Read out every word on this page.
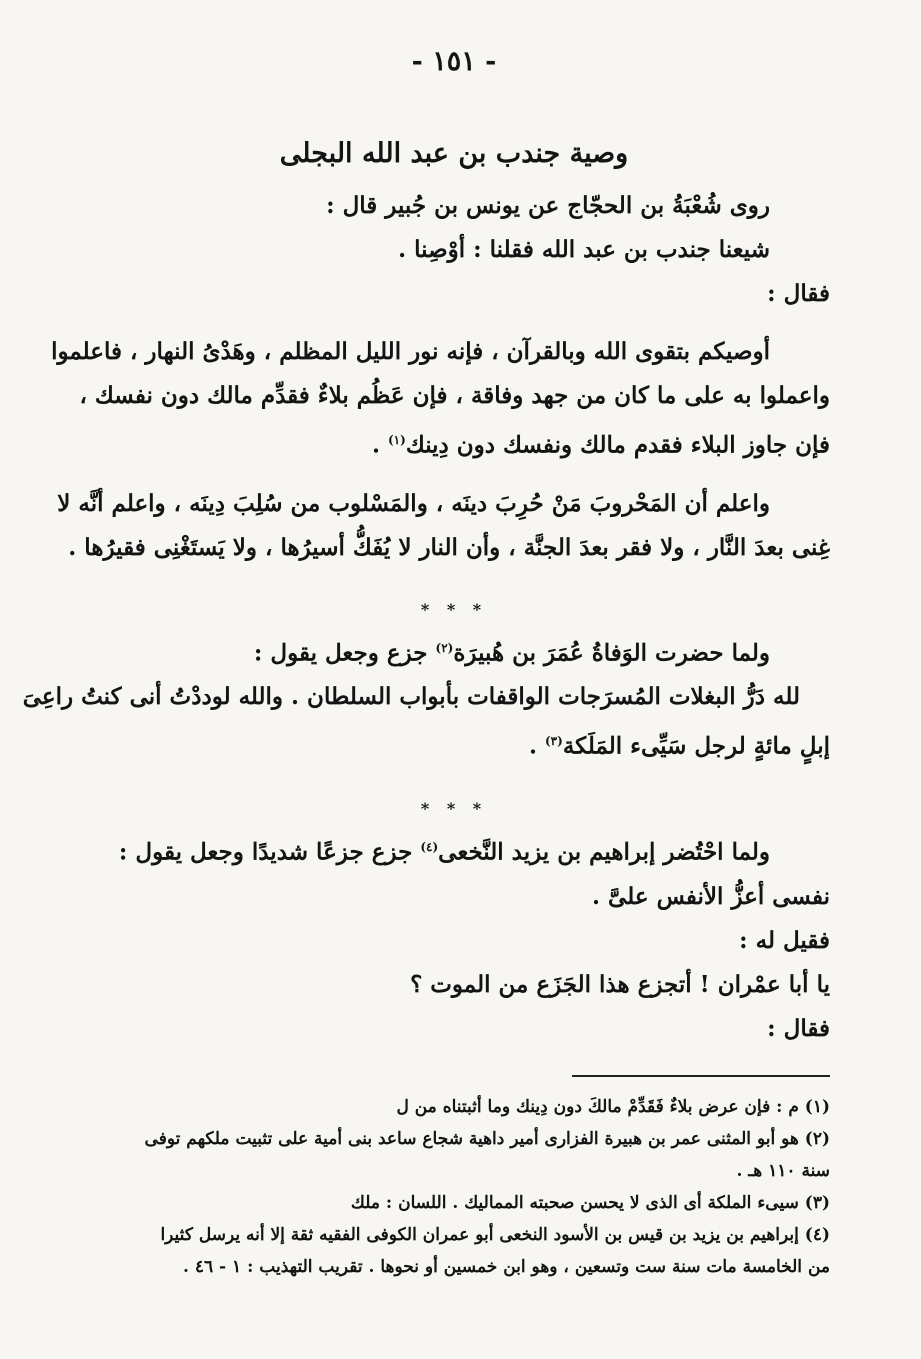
- ١٥١ -
وصية جندب بن عبد الله البجلى
روى شُعْبَةُ بن الحجّاج عن يونس بن جُبير قال :
شيعنا جندب بن عبد الله فقلنا : أوْصِنا .
فقال :
أوصيكم بتقوى الله وبالقرآن ، فإنه نور الليل المظلم ، وهَدْىُ النهار ، فاعلموا
واعملوا به على ما كان من جهد وفاقة ، فإن عَظُم بلاءٌ فقدِّم مالك دون نفسك ،
فإن جاوز البلاء فقدم مالك ونفسك دون دِينك$^{(١)}$ .
واعلم أن المَحْروبَ مَنْ حُرِبَ دينَه ، والمَسْلوب من سُلِبَ دِينَه ، واعلم أنَّه لا
غِنى بعدَ النَّار ، ولا فقر بعدَ الجنَّة ، وأن النار لا يُفَكُّ أسيرُها ، ولا يَستَغْنِى فقيرُها .
* * *
ولما حضرت الوَفاةُ عُمَرَ بن هُبيرَة$^{(٢)}$ جزع وجعل يقول :
لله دَرُّ البغلات المُسرَجات الواقفات بأبواب السلطان . والله لوددْتُ أنى كنتُ راعِىَ
إبلٍ مائةٍ لرجل سَيِّىء المَلَكة$^{(٣)}$ .
* * *
ولما احْتُضر إبراهيم بن يزيد النَّخعى$^{(٤)}$ جزع جزعًا شديدًا وجعل يقول :
نفسى أعزُّ الأنفس علىَّ .
فقيل له :
يا أبا عمْران ! أتجزع هذا الجَزَع من الموت ؟
فقال :
(١) م : فإن عرض بلاءٌ فَقَدِّمْ مالكَ دون دِينك وما أثبتناه من ل
(٢) هو أبو المثنى عمر بن هبيرة الفزارى أمير داهية شجاع ساعد بنى أمية على تثبيت ملكهم توفى
سنة ١١٠ هـ .
(٣) سيىء الملكة أى الذى لا يحسن صحبته المماليك . اللسان : ملك
(٤) إبراهيم بن يزيد بن قيس بن الأسود النخعى أبو عمران الكوفى الفقيه ثقة إلا أنه يرسل كثيرا
من الخامسة مات سنة ست وتسعين ، وهو ابن خمسين أو نحوها . تقريب التهذيب : ١ - ٤٦ .
